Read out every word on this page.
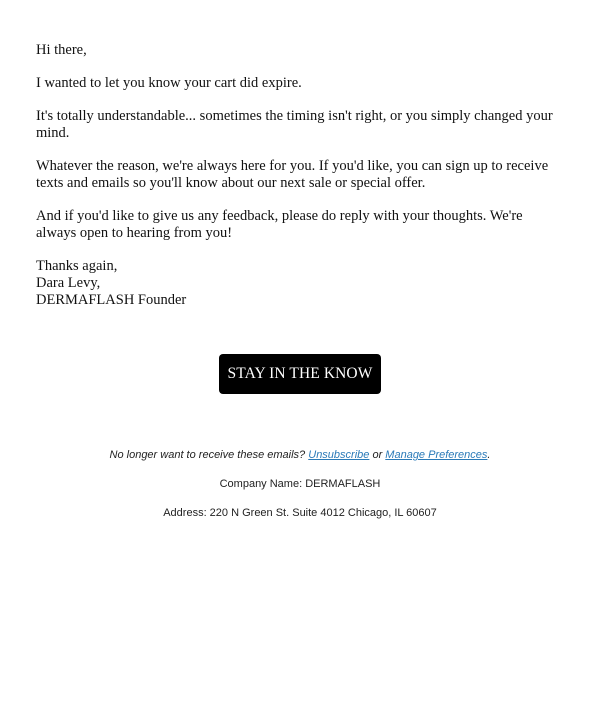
Hi there,

I wanted to let you know your cart did expire.

It's totally understandable... sometimes the timing isn't right, or you simply changed your mind.

Whatever the reason, we're always here for you. If you'd like, you can sign up to receive texts and emails so you'll know about our next sale or special offer.

And if you'd like to give us any feedback, please do reply with your thoughts. We're always open to hearing from you!

Thanks again,
Dara Levy,
DERMAFLASH Founder
STAY IN THE KNOW

No longer want to receive these emails? Unsubscribe or Manage Preferences.

Company Name: DERMAFLASH

Address: 220 N Green St. Suite 4012 Chicago, IL 60607
